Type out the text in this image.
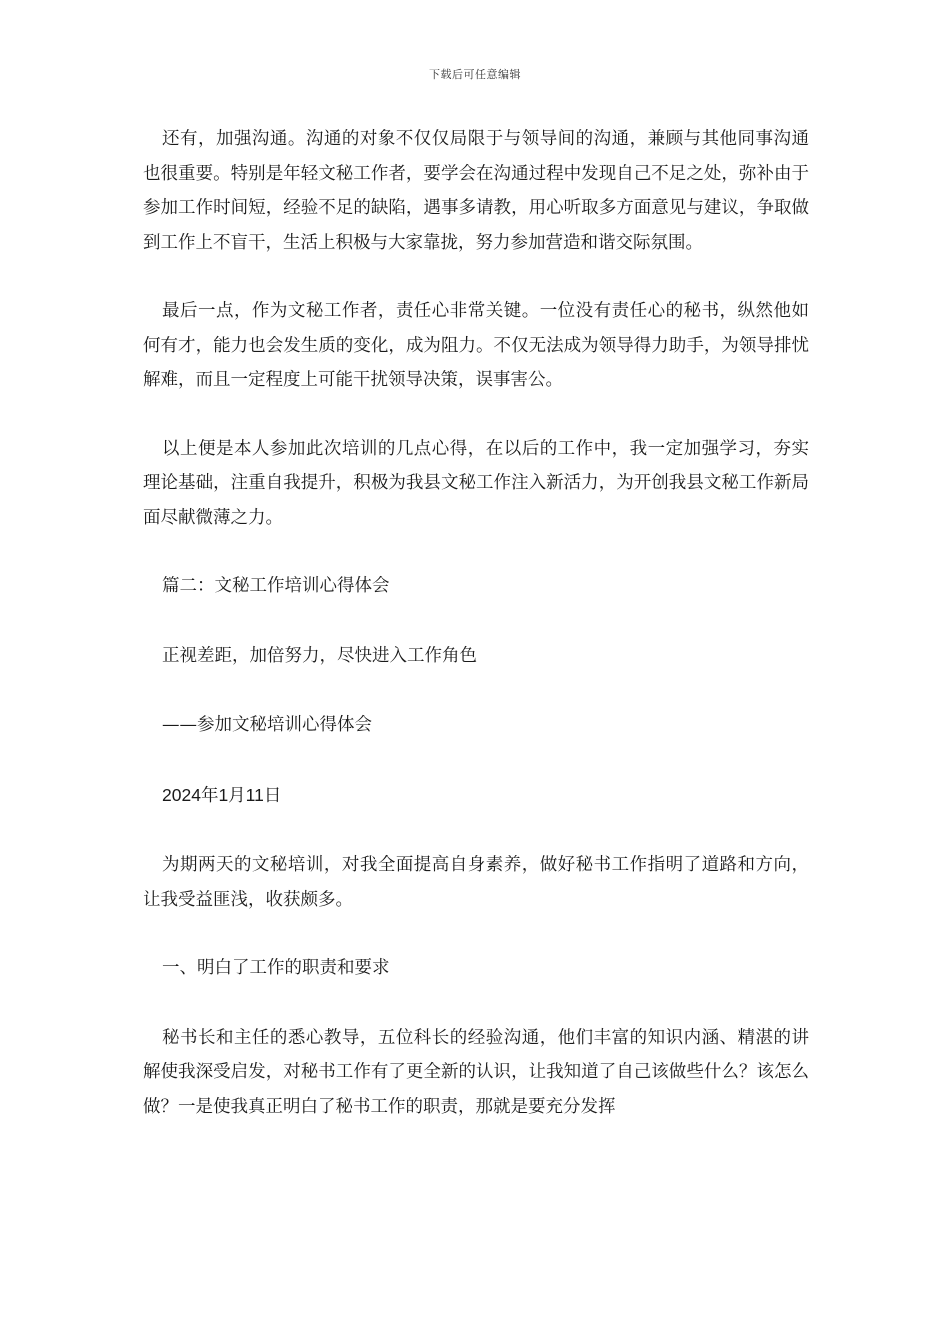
下载后可任意编辑

还有，加强沟通。沟通的对象不仅仅局限于与领导间的沟通，兼顾与其他同事沟通也很重要。特别是年轻文秘工作者，要学会在沟通过程中发现自己不足之处，弥补由于参加工作时间短，经验不足的缺陷，遇事多请教，用心听取多方面意见与建议，争取做到工作上不盲干，生活上积极与大家靠拢，努力参加营造和谐交际氛围。

最后一点，作为文秘工作者，责任心非常关键。一位没有责任心的秘书，纵然他如何有才，能力也会发生质的变化，成为阻力。不仅无法成为领导得力助手，为领导排忧解难，而且一定程度上可能干扰领导决策，误事害公。

以上便是本人参加此次培训的几点心得，在以后的工作中，我一定加强学习，夯实理论基础，注重自我提升，积极为我县文秘工作注入新活力，为开创我县文秘工作新局面尽献微薄之力。

篇二：文秘工作培训心得体会

正视差距，加倍努力，尽快进入工作角色

——参加文秘培训心得体会

2024年1月11日

为期两天的文秘培训，对我全面提高自身素养，做好秘书工作指明了道路和方向，让我受益匪浅，收获颇多。

一、明白了工作的职责和要求

秘书长和主任的悉心教导，五位科长的经验沟通，他们丰富的知识内涵、精湛的讲解使我深受启发，对秘书工作有了更全新的认识，让我知道了自己该做些什么？该怎么做？一是使我真正明白了秘书工作的职责，那就是要充分发挥
